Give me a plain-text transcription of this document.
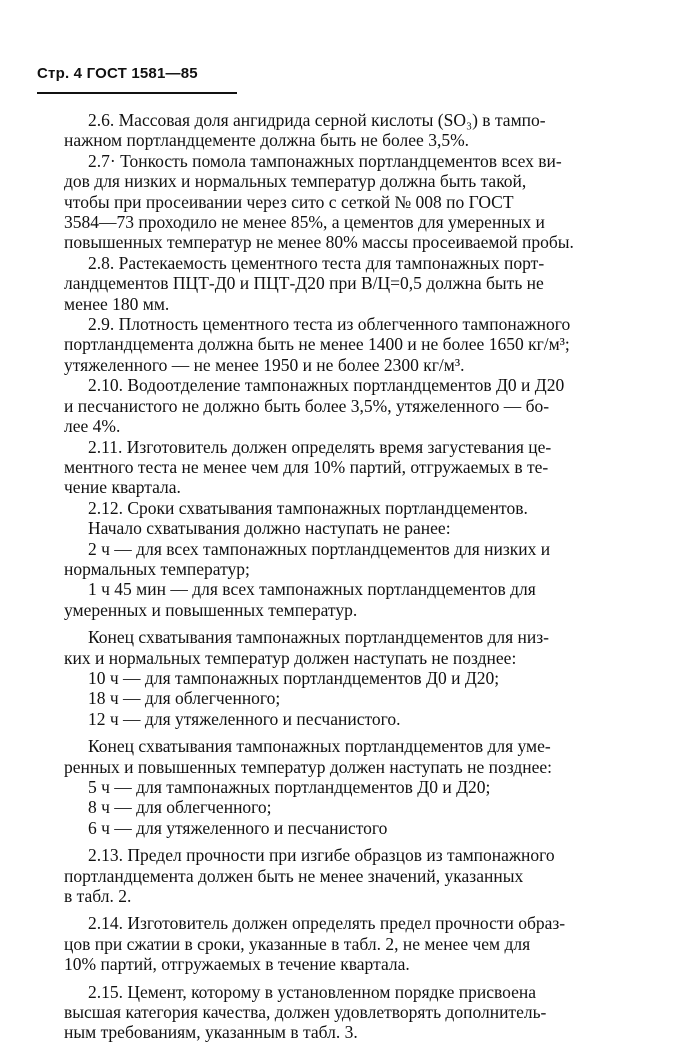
Стр. 4 ГОСТ 1581—85

2.6. Массовая доля ангидрида серной кислоты (SO₃) в тампо-

нажном портландцементе должна быть не более 3,5%.

2.7· Тонкость помола тампонажных портландцементов всех ви-

дов для низких и нормальных температур должна быть такой,

чтобы при просеивании через сито с сеткой № 008 по ГОСТ

3584—73 проходило не менее 85%, а цементов для умеренных и

повышенных температур не менее 80% массы просеиваемой пробы.

2.8. Растекаемость цементного теста для тампонажных порт-

ландцементов ПЦТ-Д0 и ПЦТ-Д20 при В/Ц=0,5 должна быть не

менее 180 мм.

2.9. Плотность цементного теста из облегченного тампонажного

портландцемента должна быть не менее 1400 и не более 1650 кг/м³;

утяжеленного — не менее 1950 и не более 2300 кг/м³.

2.10. Водоотделение тампонажных портландцементов Д0 и Д20

и песчанистого не должно быть более 3,5%, утяжеленного — бо-

лее 4%.

2.11. Изготовитель должен определять время загустевания це-

ментного теста не менее чем для 10% партий, отгружаемых в те-

чение квартала.

2.12. Сроки схватывания тампонажных портландцементов.

Начало схватывания должно наступать не ранее:

2 ч — для всех тампонажных портландцементов для низких и

нормальных температур;

1 ч 45 мин — для всех тампонажных портландцементов для

умеренных и повышенных температур.

Конец схватывания тампонажных портландцементов для низ-

ких и нормальных температур должен наступать не позднее:

10 ч — для тампонажных портландцементов Д0 и Д20;

18 ч — для облегченного;

12 ч — для утяжеленного и песчанистого.

Конец схватывания тампонажных портландцементов для уме-

ренных и повышенных температур должен наступать не позднее:

5 ч — для тампонажных портландцементов Д0 и Д20;

8 ч — для облегченного;

6 ч — для утяжеленного и песчанистого

2.13. Предел прочности при изгибе образцов из тампонажного

портландцемента должен быть не менее значений, указанных

в табл. 2.

2.14. Изготовитель должен определять предел прочности образ-

цов при сжатии в сроки, указанные в табл. 2, не менее чем для

10% партий, отгружаемых в течение квартала.

2.15. Цемент, которому в установленном порядке присвоена

высшая категория качества, должен удовлетворять дополнитель-

ным требованиям, указанным в табл. 3.
